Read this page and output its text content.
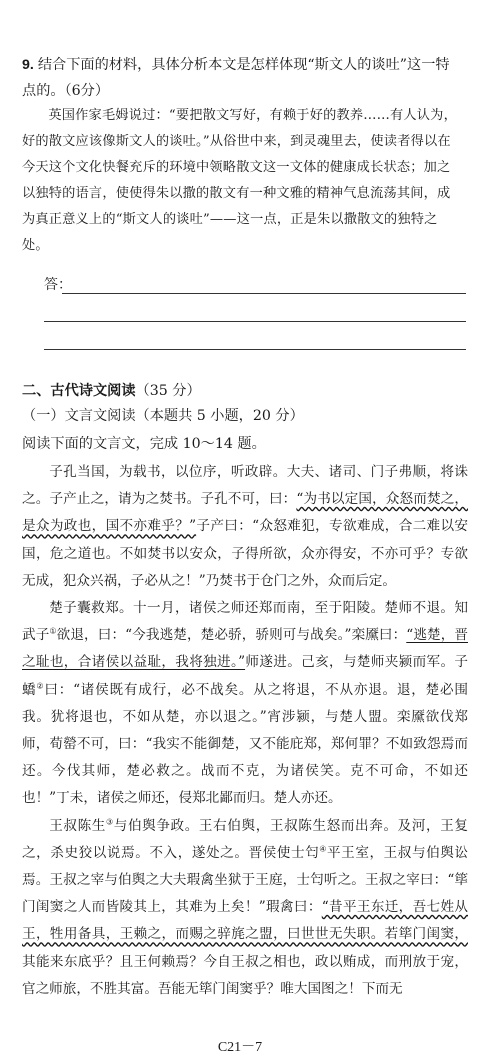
9. 结合下面的材料，具体分析本文是怎样体现“斯文人的谈吐”这一特点的。（6分）

英国作家毛姆说过：“要把散文写好，有赖于好的教养……有人认为，好的散文应该像斯文人的谈吐。”从俗世中来，到灵魂里去，使读者得以在今天这个文化快餐充斥的环境中领略散文这一文体的健康成长状态；加之以独特的语言，使使得朱以撒的散文有一种文雅的精神气息流荡其间，成为真正意义上的“斯文人的谈吐”——这一点，正是朱以撒散文的独特之处。

答：
二、古代诗文阅读（35 分）
（一）文言文阅读（本题共 5 小题，20 分）
阅读下面的文言文，完成 10～14 题。

子孔当国，为载书，以位序，听政辟。大夫、诸司、门子弗顺，将诛之。子产止之，请为之焚书。子孔不可，曰：“为书以定国，众怒而焚之，是众为政也，国不亦难乎？”子产曰：“众怒难犯，专欲难成，合二难以安国，危之道也。不如焚书以安众，子得所欲，众亦得安，不亦可乎？专欲无成，犯众兴祸，子必从之！”乃焚书于仓门之外，众而后定。

楚子囊救郑。十一月，诸侯之师还郑而南，至于阳陵。楚师不退。知武子①欲退，曰：“今我逃楚，楚必骄，骄则可与战矣。”栾黡曰：“逃楚，晋之耻也，合诸侯以益耻，我将独进。”师遂进。己亥，与楚师夹颍而军。子蟜②曰：“诸侯既有成行，必不战矣。从之将退，不从亦退。退，楚必围我。犹将退也，不如从楚，亦以退之。”宵涉颍，与楚人盟。栾黡欲伐郑师，荀罃不可，曰：“我实不能御楚，又不能庇郑，郑何罪？不如致怨焉而还。今伐其师，楚必救之。战而不克，为诸侯笑。克不可命，不如还也！”丁未，诸侯之师还，侵郑北鄙而归。楚人亦还。

王叔陈生③与伯舆争政。王右伯舆，王叔陈生怒而出奔。及河，王复之，杀史狡以说焉。不入，遂处之。晋侯使士匄④平王室，王叔与伯舆讼焉。王叔之宰与伯舆之大夫瑕禽坐狱于王庭，士匄听之。王叔之宰曰：“筚门闺窦之人而皆陵其上，其难为上矣！”瑕禽曰：“昔平王东迁，吾七姓从王，牲用备具，王赖之，而赐之骍旄之盟，曰世世无失职。若筚门闺窦，其能来东底乎？且王何赖焉？今自王叔之相也，政以贿成，而刑放于宠，官之师旅，不胜其富。吾能无筚门闺窦乎？唯大国图之！下而无

C21－7
